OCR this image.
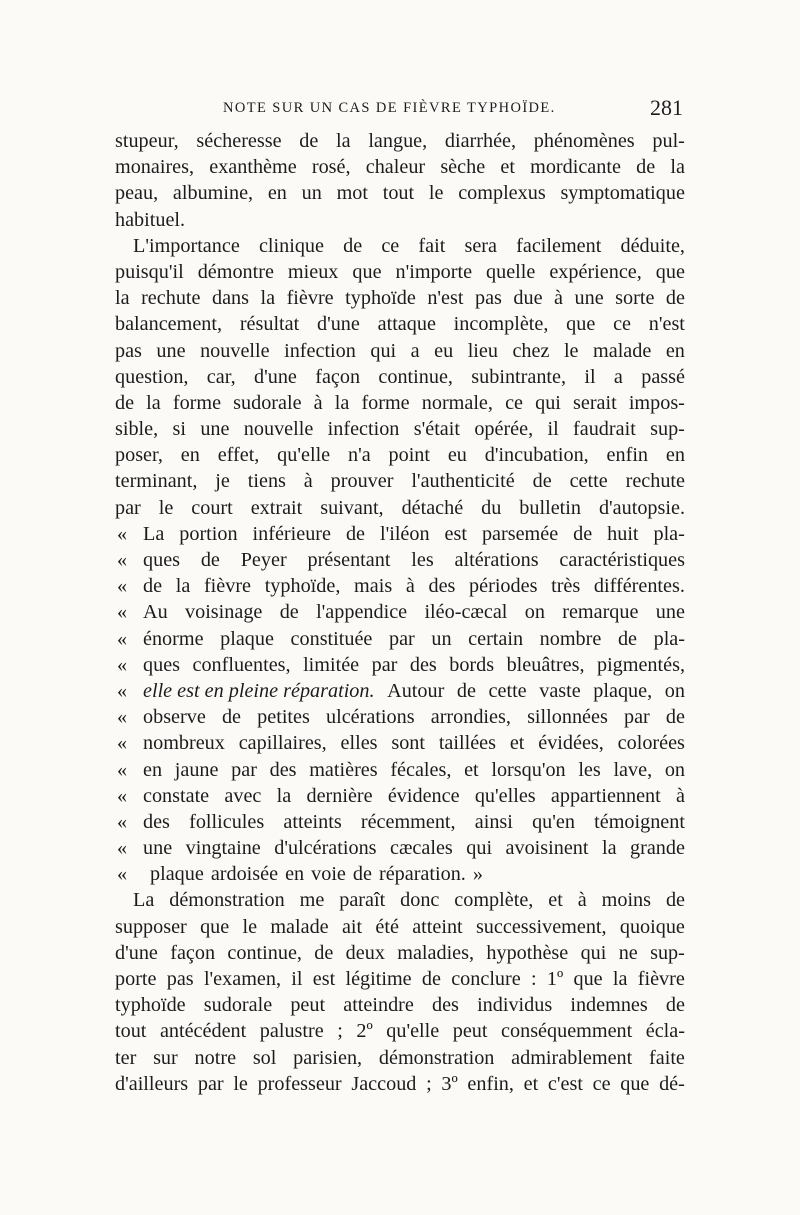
NOTE SUR UN CAS DE FIÈVRE TYPHOÏDE.	281
stupeur, sécheresse de la langue, diarrhée, phénomènes pul-
monaires, exanthème rosé, chaleur sèche et mordicante de la
peau, albumine, en un mot tout le complexus symptomatique
habituel.
L'importance clinique de ce fait sera facilement déduite,
puisqu'il démontre mieux que n'importe quelle expérience, que
la rechute dans la fièvre typhoïde n'est pas due à une sorte de
balancement, résultat d'une attaque incomplète, que ce n'est
pas une nouvelle infection qui a eu lieu chez le malade en
question, car, d'une façon continue, subintrante, il a passé
de la forme sudorale à la forme normale, ce qui serait impos-
sible, si une nouvelle infection s'était opérée, il faudrait sup-
poser, en effet, qu'elle n'a point eu d'incubation, enfin en
terminant, je tiens à prouver l'authenticité de cette rechute
par le court extrait suivant, détaché du bulletin d'autopsie.
« La portion inférieure de l'iléon est parsemée de huit pla-
« ques de Peyer présentant les altérations caractéristiques
« de la fièvre typhoïde, mais à des périodes très différentes.
« Au voisinage de l'appendice iléo-cæcal on remarque une
« énorme plaque constituée par un certain nombre de pla-
« ques confluentes, limitée par des bords bleuâtres, pigmentés,
« elle est en pleine réparation. Autour de cette vaste plaque, on
« observe de petites ulcérations arrondies, sillonnées par de
« nombreux capillaires, elles sont taillées et évidées, colorées
« en jaune par des matières fécales, et lorsqu'on les lave, on
« constate avec la dernière évidence qu'elles appartiennent à
« des follicules atteints récemment, ainsi qu'en témoignent
« une vingtaine d'ulcérations cæcales qui avoisinent la grande
«	plaque ardoisée en voie de réparation. »
La démonstration me paraît donc complète, et à moins de
supposer que le malade ait été atteint successivement, quoique
d'une façon continue, de deux maladies, hypothèse qui ne sup-
porte pas l'examen, il est légitime de conclure : 1º que la fièvre
typhoïde sudorale peut atteindre des individus indemnes de
tout antécédent palustre ; 2º qu'elle peut conséquemment écla-
ter sur notre sol parisien, démonstration admirablement faite
d'ailleurs par le professeur Jaccoud ; 3º enfin, et c'est ce que dé-
